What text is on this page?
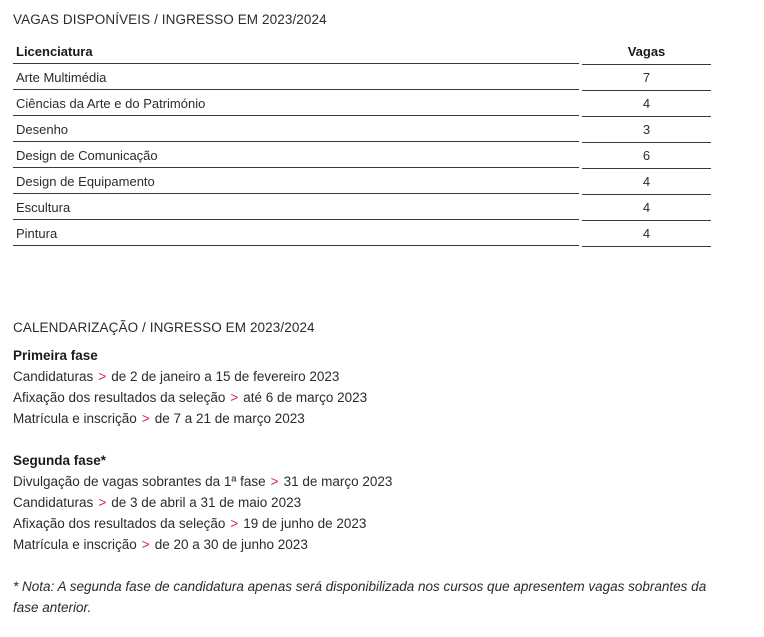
VAGAS DISPONÍVEIS / INGRESSO EM 2023/2024
Licenciatura	Vagas
Arte Multimédia	7
Ciências da Arte e do Património	4
Desenho	3
Design de Comunicação	6
Design de Equipamento	4
Escultura	4
Pintura	4
CALENDARIZAÇÃO / INGRESSO EM 2023/2024
Primeira fase
Candidaturas > de 2 de janeiro a 15 de fevereiro 2023
Afixação dos resultados da seleção > até 6 de março 2023
Matrícula e inscrição > de 7 a 21 de março 2023
Segunda fase*
Divulgação de vagas sobrantes da 1ª fase > 31 de março 2023
Candidaturas > de 3 de abril a 31 de maio 2023
Afixação dos resultados da seleção > 19 de junho de 2023
Matrícula e inscrição > de 20 a 30 de junho 2023
* Nota: A segunda fase de candidatura apenas será disponibilizada nos cursos que apresentem vagas sobrantes da fase anterior.
